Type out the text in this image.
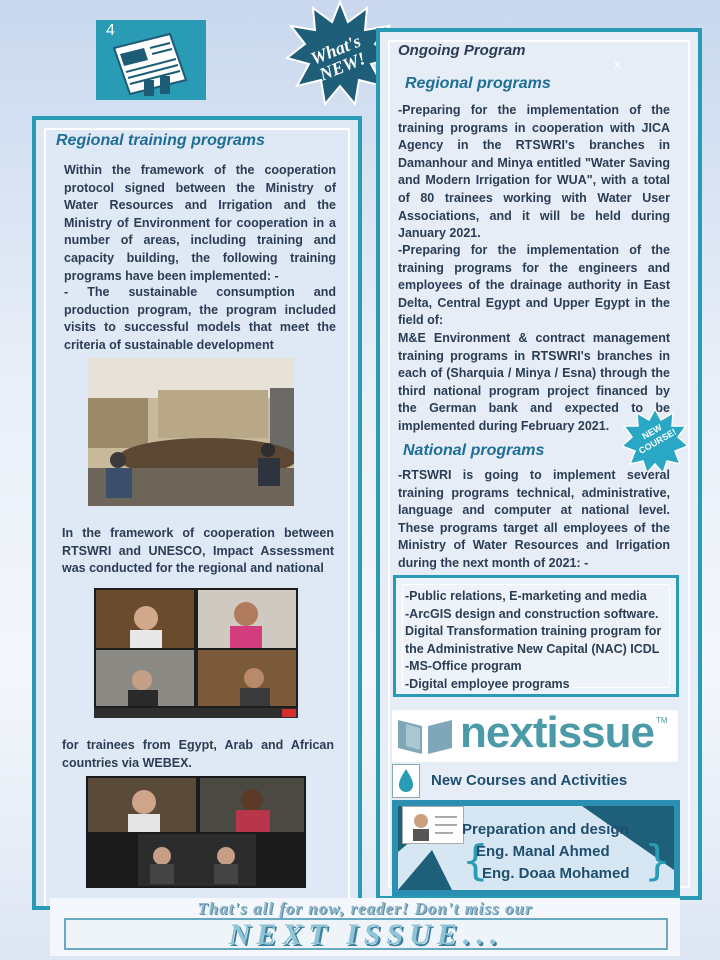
4
What's NEW!
Regional training programs
Within the framework of the cooperation protocol signed between the Ministry of Water Resources and Irrigation and the Ministry of Environment for cooperation in a number of areas, including training and capacity building, the following training programs have been implemented: -
- The sustainable consumption and production program, the program included visits to successful models that meet the criteria of sustainable development
In the framework of cooperation between RTSWRI and UNESCO, Impact Assessment was conducted for the regional and national
for trainees from Egypt, Arab and African countries via WEBEX.
Ongoing Program
x
Regional programs
-Preparing for the implementation of the training programs in cooperation with JICA Agency in the RTSWRI's branches in Damanhour and Minya entitled "Water Saving and Modern Irrigation for WUA", with a total of 80 trainees working with Water User Associations, and it will be held during January 2021.
-Preparing for the implementation of the training programs for the engineers and employees of the drainage authority in East Delta, Central Egypt and Upper Egypt in the field of:
M&E Environment & contract management training programs in RTSWRI's branches in each of (Sharquia / Minya / Esna) through the third national program project financed by the German bank and expected to be implemented during February 2021.	NEW COURSE!
National programs
-RTSWRI is going to implement several training programs technical, administrative, language and computer at national level. These programs target all employees of the Ministry of Water Resources and Irrigation during the next month of 2021: -
-Public relations, E-marketing and media
-ArcGIS design and construction software. Digital Transformation training program for the Administrative New Capital (NAC) ICDL
-MS-Office program
-Digital employee programs
nextissue TM
New Courses and Activities
Preparation and design
{
Eng. Manal Ahmed
Eng. Doaa Mohamed }
That's all for now, reader! Don't miss our
NEXT ISSUE...
